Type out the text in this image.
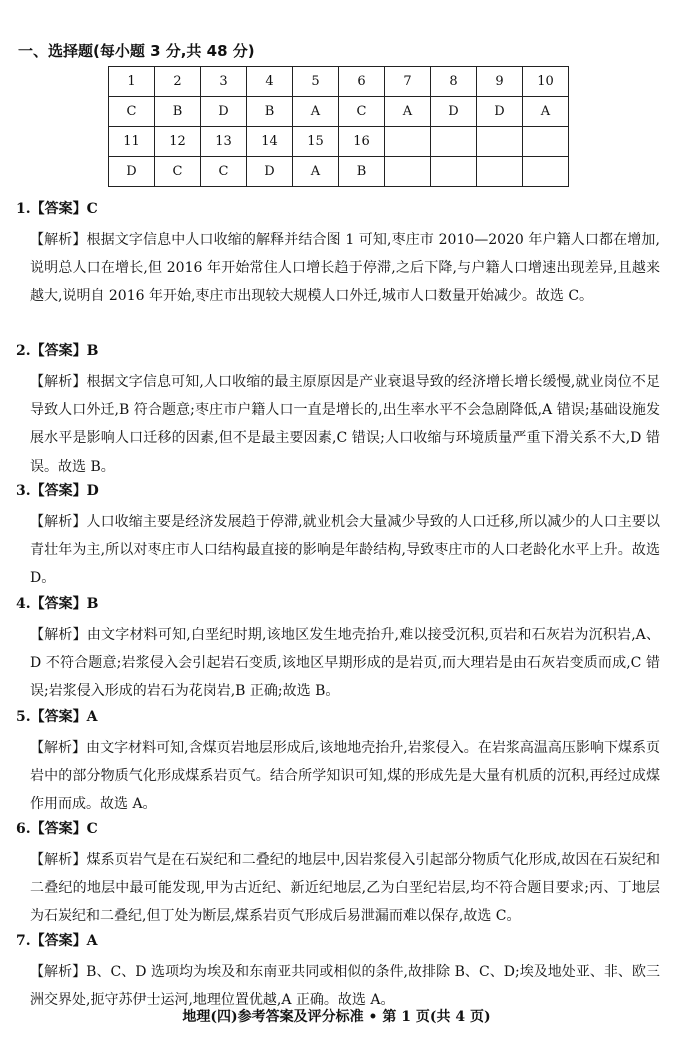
一、选择题(每小题 3 分,共 48 分)
1	2	3	4	5	6	7	8	9	10
C	B	D	B	A	C	A	D	D	A
11	12	13	14	15	16				
D	C	C	D	A	B				
1.【答案】C
【解析】根据文字信息中人口收缩的解释并结合图 1 可知,枣庄市 2010—2020 年户籍人口都在增加,说明总人口在增长,但 2016 年开始常住人口增长趋于停滞,之后下降,与户籍人口增速出现差异,且越来越大,说明自 2016 年开始,枣庄市出现较大规模人口外迁,城市人口数量开始减少。故选 C。
2.【答案】B
【解析】根据文字信息可知,人口收缩的最主原原因是产业衰退导致的经济增长增长缓慢,就业岗位不足导致人口外迁,B 符合题意;枣庄市户籍人口一直是增长的,出生率水平不会急剧降低,A 错误;基础设施发展水平是影响人口迁移的因素,但不是最主要因素,C 错误;人口收缩与环境质量严重下滑关系不大,D 错误。故选 B。
3.【答案】D
【解析】人口收缩主要是经济发展趋于停滞,就业机会大量减少导致的人口迁移,所以减少的人口主要以青壮年为主,所以对枣庄市人口结构最直接的影响是年龄结构,导致枣庄市的人口老龄化水平上升。故选 D。
4.【答案】B
【解析】由文字材料可知,白垩纪时期,该地区发生地壳抬升,难以接受沉积,页岩和石灰岩为沉积岩,A、D 不符合题意;岩浆侵入会引起岩石变质,该地区早期形成的是岩页,而大理岩是由石灰岩变质而成,C 错误;岩浆侵入形成的岩石为花岗岩,B 正确;故选 B。
5.【答案】A
【解析】由文字材料可知,含煤页岩地层形成后,该地地壳抬升,岩浆侵入。在岩浆高温高压影响下煤系页岩中的部分物质气化形成煤系岩页气。结合所学知识可知,煤的形成先是大量有机质的沉积,再经过成煤作用而成。故选 A。
6.【答案】C
【解析】煤系页岩气是在石炭纪和二叠纪的地层中,因岩浆侵入引起部分物质气化形成,故因在石炭纪和二叠纪的地层中最可能发现,甲为古近纪、新近纪地层,乙为白垩纪岩层,均不符合题目要求;丙、丁地层为石炭纪和二叠纪,但丁处为断层,煤系岩页气形成后易泄漏而难以保存,故选 C。
7.【答案】A
【解析】B、C、D 选项均为埃及和东南亚共同或相似的条件,故排除 B、C、D;埃及地处亚、非、欧三洲交界处,扼守苏伊士运河,地理位置优越,A 正确。故选 A。
地理(四)参考答案及评分标准 • 第 1 页(共 4 页)
